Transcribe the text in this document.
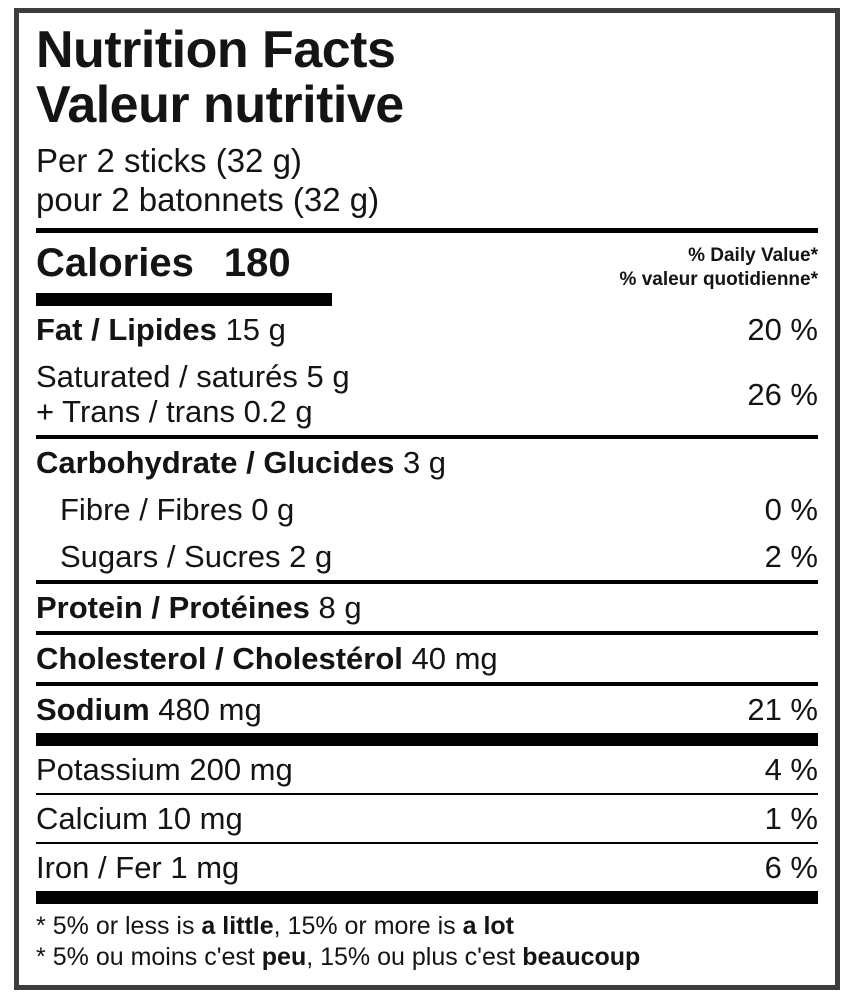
Nutrition Facts
Valeur nutritive
Per 2 sticks (32 g)
pour 2 batonnets (32 g)
Calories 180	% Daily Value*
% valeur quotidienne*
Fat / Lipides 15 g	20 %
Saturated / saturés 5 g
+ Trans / trans 0.2 g	26 %
Carbohydrate / Glucides 3 g
Fibre / Fibres 0 g	0 %
Sugars / Sucres 2 g	2 %
Protein / Protéines 8 g
Cholesterol / Cholestérol 40 mg
Sodium 480 mg	21 %
Potassium 200 mg	4 %
Calcium 10 mg	1 %
Iron / Fer 1 mg	6 %
* 5% or less is a little, 15% or more is a lot
* 5% ou moins c'est peu, 15% ou plus c'est beaucoup
